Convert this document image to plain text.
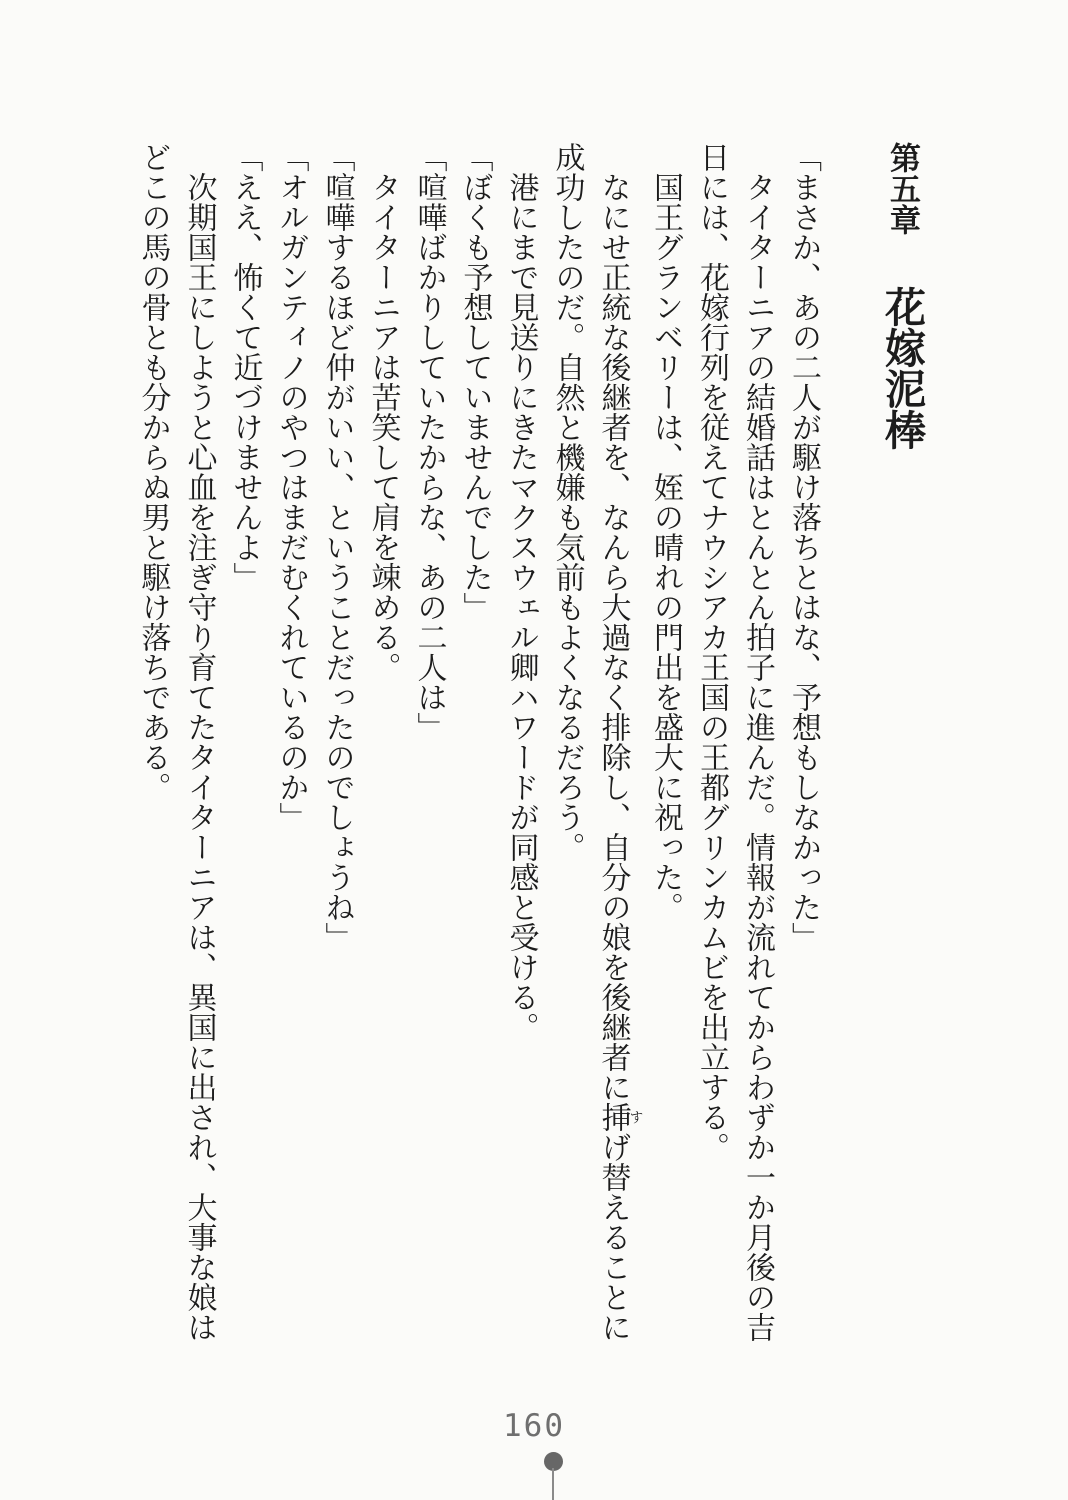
第五章 花嫁泥棒

「まさか、あの二人が駆け落ちとはな、予想もしなかった」

タイターニアの結婚話はとんとん拍子に進んだ。情報が流れてからわずか一か月後の吉日には、花嫁行列を従えてナウシアカ王国の王都グリンカムビを出立する。

国王グランベリーは、姪の晴れの門出を盛大に祝った。

なにせ正統な後継者を、なんら大過なく排除し、自分の娘を後継者に挿すげ替えることに成功したのだ。自然と機嫌も気前もよくなるだろう。

港にまで見送りにきたマクスウェル卿ハワードが同感と受ける。

「ぼくも予想していませんでした」

「喧嘩ばかりしていたからな、あの二人は」

タイターニアは苦笑して肩を竦める。

「喧嘩するほど仲がいい、ということだったのでしょうね」

「オルガンティノのやつはまだむくれているのか」

「ええ、怖くて近づけませんよ」

次期国王にしようと心血を注ぎ守り育てたタイターニアは、異国に出され、大事な娘はどこの馬の骨とも分からぬ男と駆け落ちである。

160
